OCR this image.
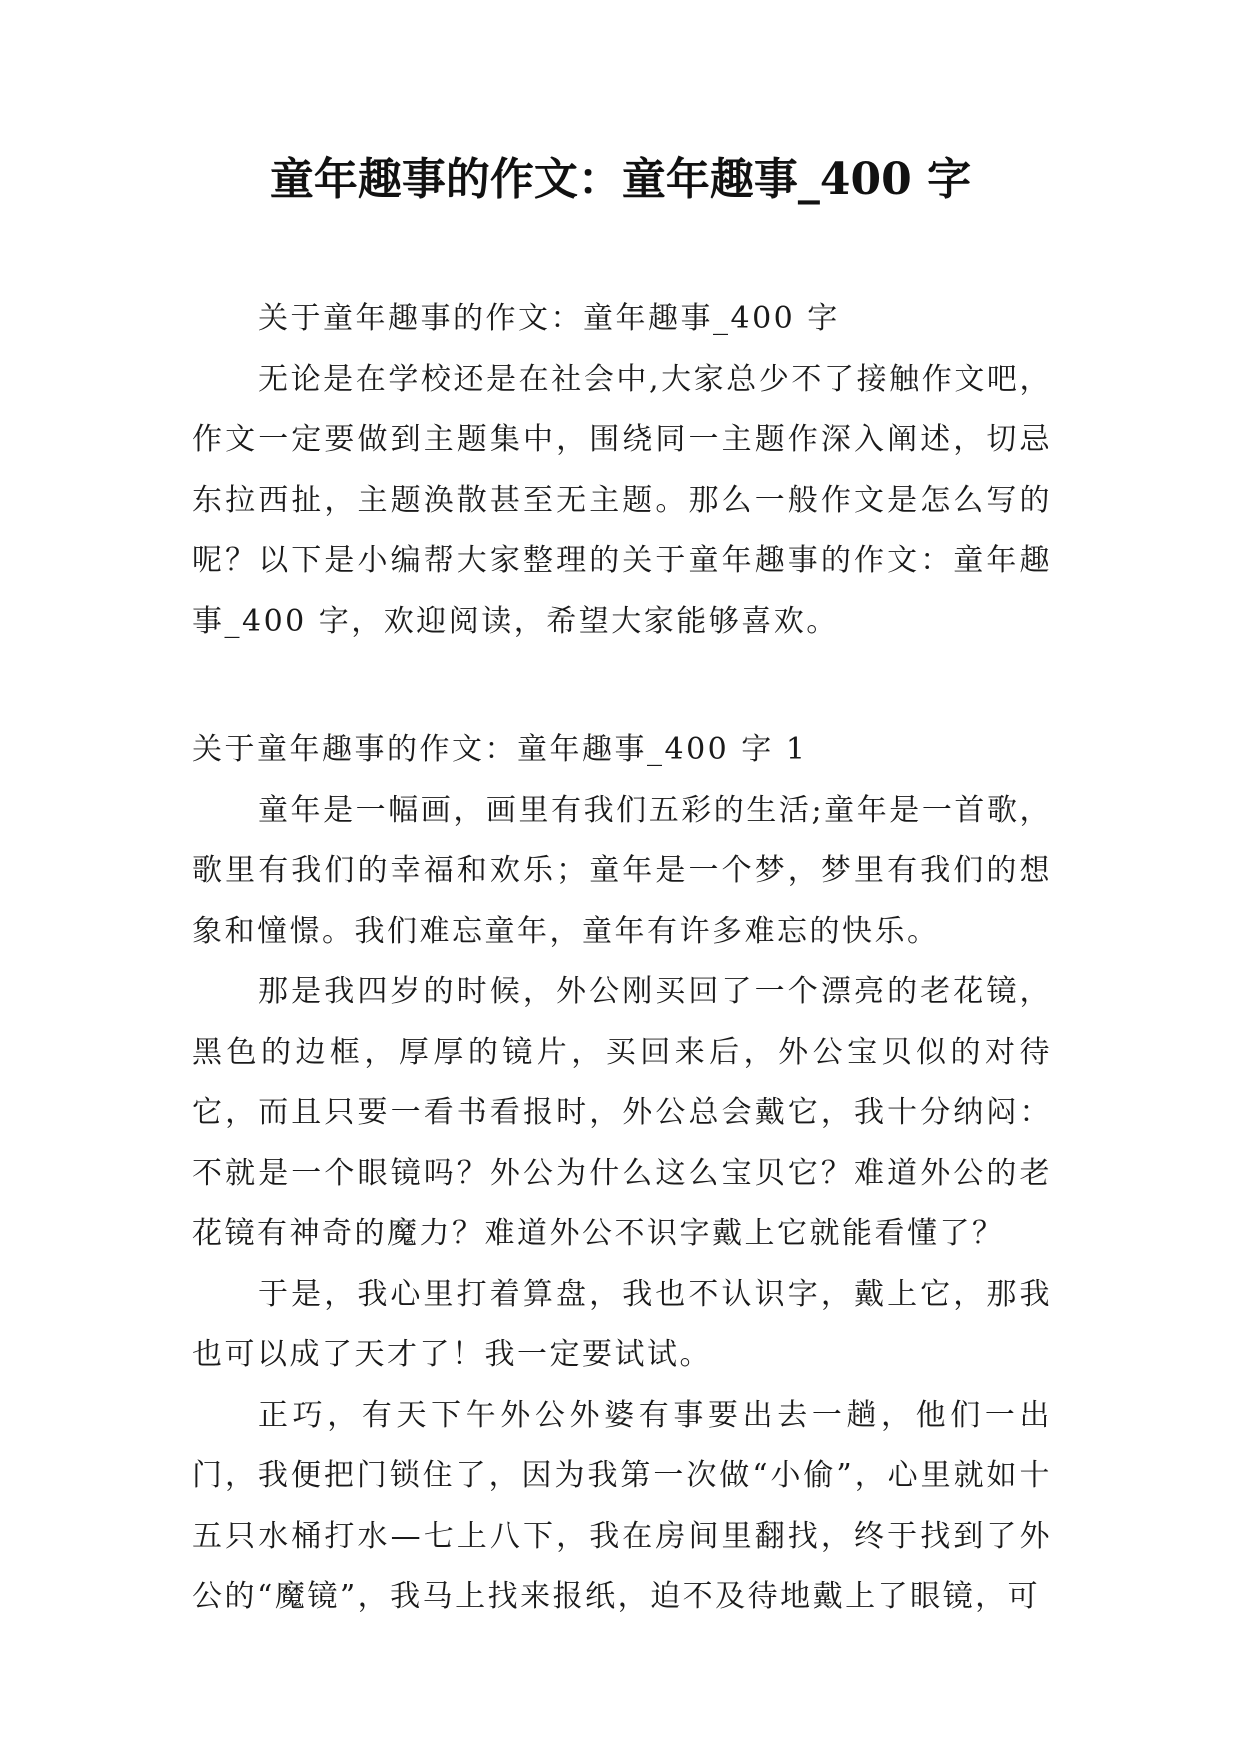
童年趣事的作文：童年趣事_400 字

关于童年趣事的作文：童年趣事_400 字

无论是在学校还是在社会中,大家总少不了接触作文吧，作文一定要做到主题集中，围绕同一主题作深入阐述，切忌东拉西扯，主题涣散甚至无主题。那么一般作文是怎么写的呢？以下是小编帮大家整理的关于童年趣事的作文：童年趣事_400 字，欢迎阅读，希望大家能够喜欢。

关于童年趣事的作文：童年趣事_400 字 1

童年是一幅画，画里有我们五彩的生活;童年是一首歌，歌里有我们的幸福和欢乐；童年是一个梦，梦里有我们的想象和憧憬。我们难忘童年，童年有许多难忘的快乐。

那是我四岁的时候，外公刚买回了一个漂亮的老花镜，黑色的边框，厚厚的镜片，买回来后，外公宝贝似的对待它，而且只要一看书看报时，外公总会戴它，我十分纳闷：不就是一个眼镜吗？外公为什么这么宝贝它？难道外公的老花镜有神奇的魔力？难道外公不识字戴上它就能看懂了？

于是，我心里打着算盘，我也不认识字，戴上它，那我也可以成了天才了！我一定要试试。

正巧，有天下午外公外婆有事要出去一趟，他们一出门，我便把门锁住了，因为我第一次做“小偷”，心里就如十五只水桶打水—七上八下，我在房间里翻找，终于找到了外公的“魔镜”，我马上找来报纸，迫不及待地戴上了眼镜，可
